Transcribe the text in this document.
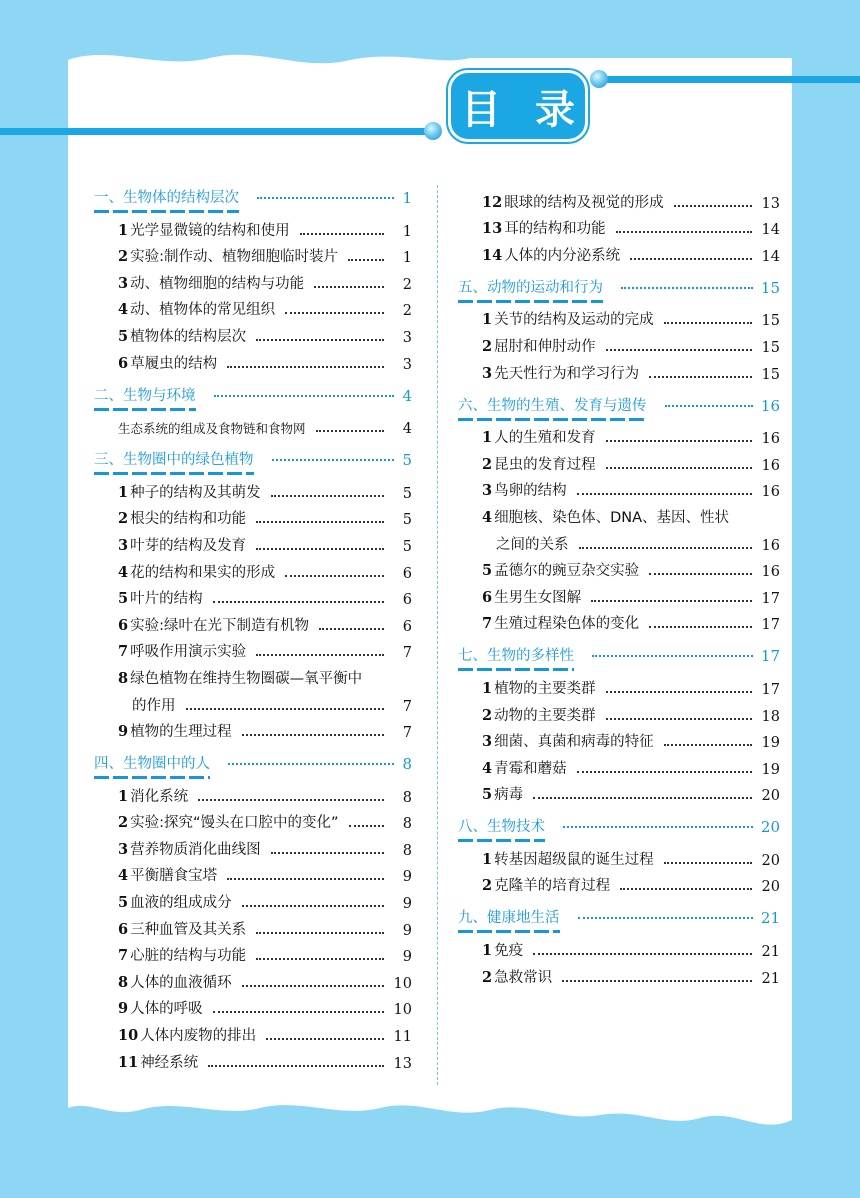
目 录
一、生物体的结构层次	1
1 光学显微镜的结构和使用	1
2 实验:制作动、植物细胞临时装片	1
3 动、植物细胞的结构与功能	2
4 动、植物体的常见组织	2
5 植物体的结构层次	3
6 草履虫的结构	3
二、生物与环境	4
生态系统的组成及食物链和食物网	4
三、生物圈中的绿色植物	5
1 种子的结构及其萌发	5
2 根尖的结构和功能	5
3 叶芽的结构及发育	5
4 花的结构和果实的形成	6
5 叶片的结构	6
6 实验:绿叶在光下制造有机物	6
7 呼吸作用演示实验	7
8 绿色植物在维持生物圈碳—氧平衡中
的作用	7
9 植物的生理过程	7
四、生物圈中的人	8
1 消化系统	8
2 实验:探究“馒头在口腔中的变化”	8
3 营养物质消化曲线图	8
4 平衡膳食宝塔	9
5 血液的组成成分	9
6 三种血管及其关系	9
7 心脏的结构与功能	9
8 人体的血液循环	10
9 人体的呼吸	10
10 人体内废物的排出	11
11 神经系统	13
12 眼球的结构及视觉的形成	13
13 耳的结构和功能	14
14 人体的内分泌系统	14
五、动物的运动和行为	15
1 关节的结构及运动的完成	15
2 屈肘和伸肘动作	15
3 先天性行为和学习行为	15
六、生物的生殖、发育与遗传	16
1 人的生殖和发育	16
2 昆虫的发育过程	16
3 鸟卵的结构	16
4 细胞核、染色体、DNA、基因、性状
之间的关系	16
5 孟德尔的豌豆杂交实验	16
6 生男生女图解	17
7 生殖过程染色体的变化	17
七、生物的多样性	17
1 植物的主要类群	17
2 动物的主要类群	18
3 细菌、真菌和病毒的特征	19
4 青霉和蘑菇	19
5 病毒	20
八、生物技术	20
1 转基因超级鼠的诞生过程	20
2 克隆羊的培育过程	20
九、健康地生活	21
1 免疫	21
2 急救常识	21
